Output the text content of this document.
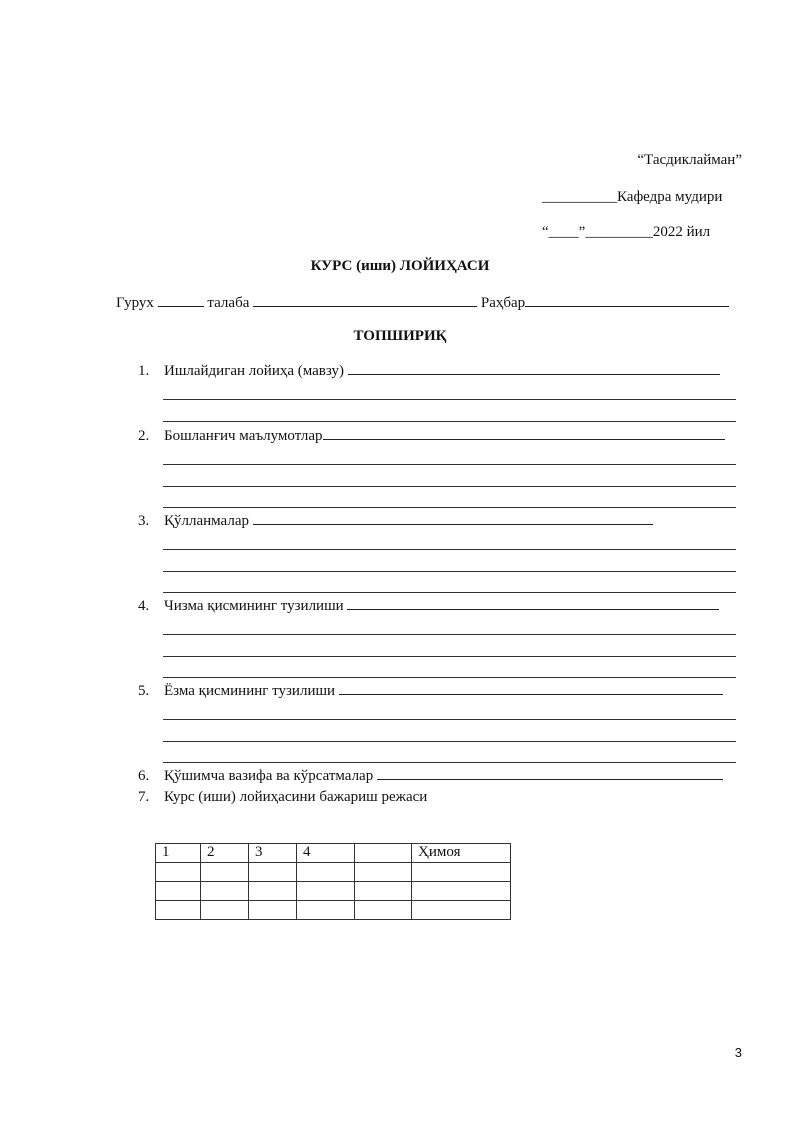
“Тасдиклайман”
__________Кафедра мудири
“____”_________2022 йил
КУРС (иши) ЛОЙИҲАСИ
Гурух	талаба	Раҳбар
ТОПШИРИҚ
1. Ишлайдиган лойиҳа (мавзу)

2. Бошланғич маълумотлар
3. Қўлланмалар

4. Чизма қисмининг тузилиши

5. Ёзма қисмининг тузилиши

6. Қўшимча вазифа ва кўрсатмалар

7. Курс (иши) лойиҳасини бажариш режаси
1	2	3	4		Ҳимоя

3
